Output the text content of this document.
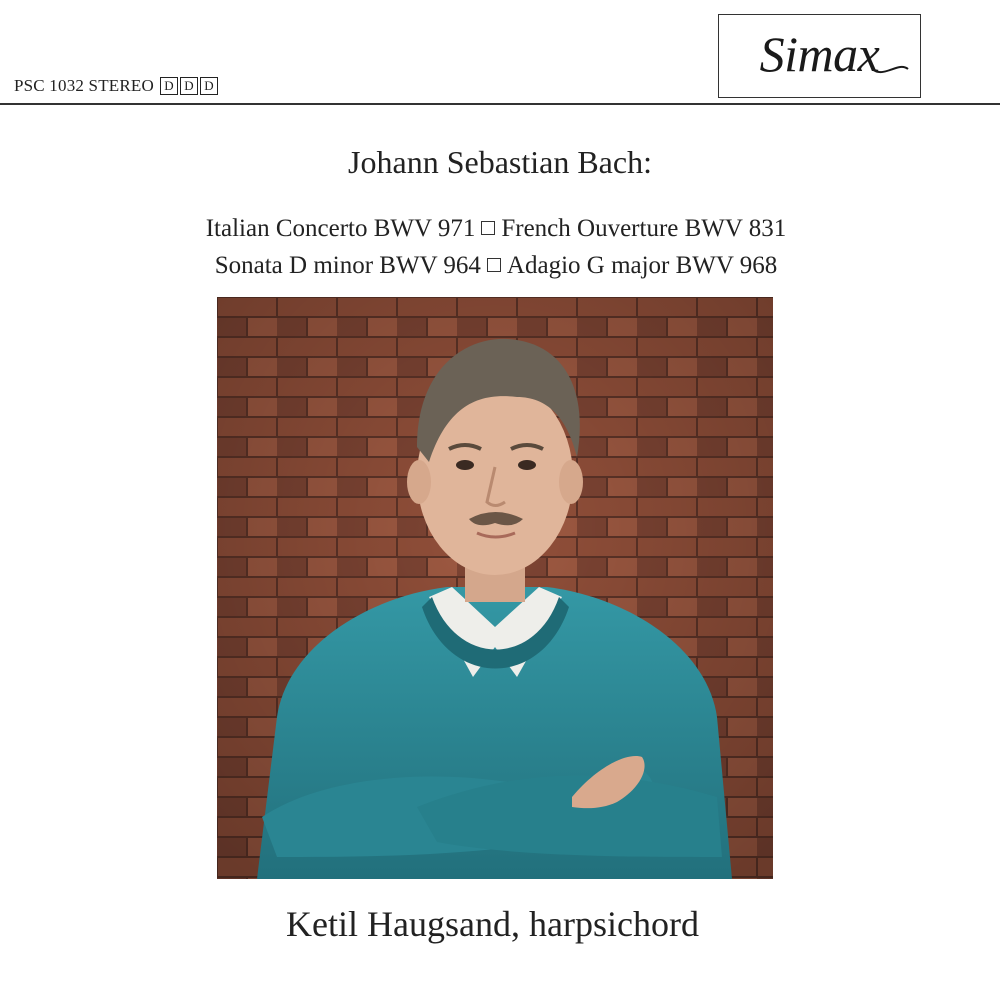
PSC 1032 STEREO D D D
Simax
Johann Sebastian Bach:
Italian Concerto BWV 971 French Ouverture BWV 831
Sonata D minor BWV 964 Adagio G major BWV 968
Ketil Haugsand, harpsichord
